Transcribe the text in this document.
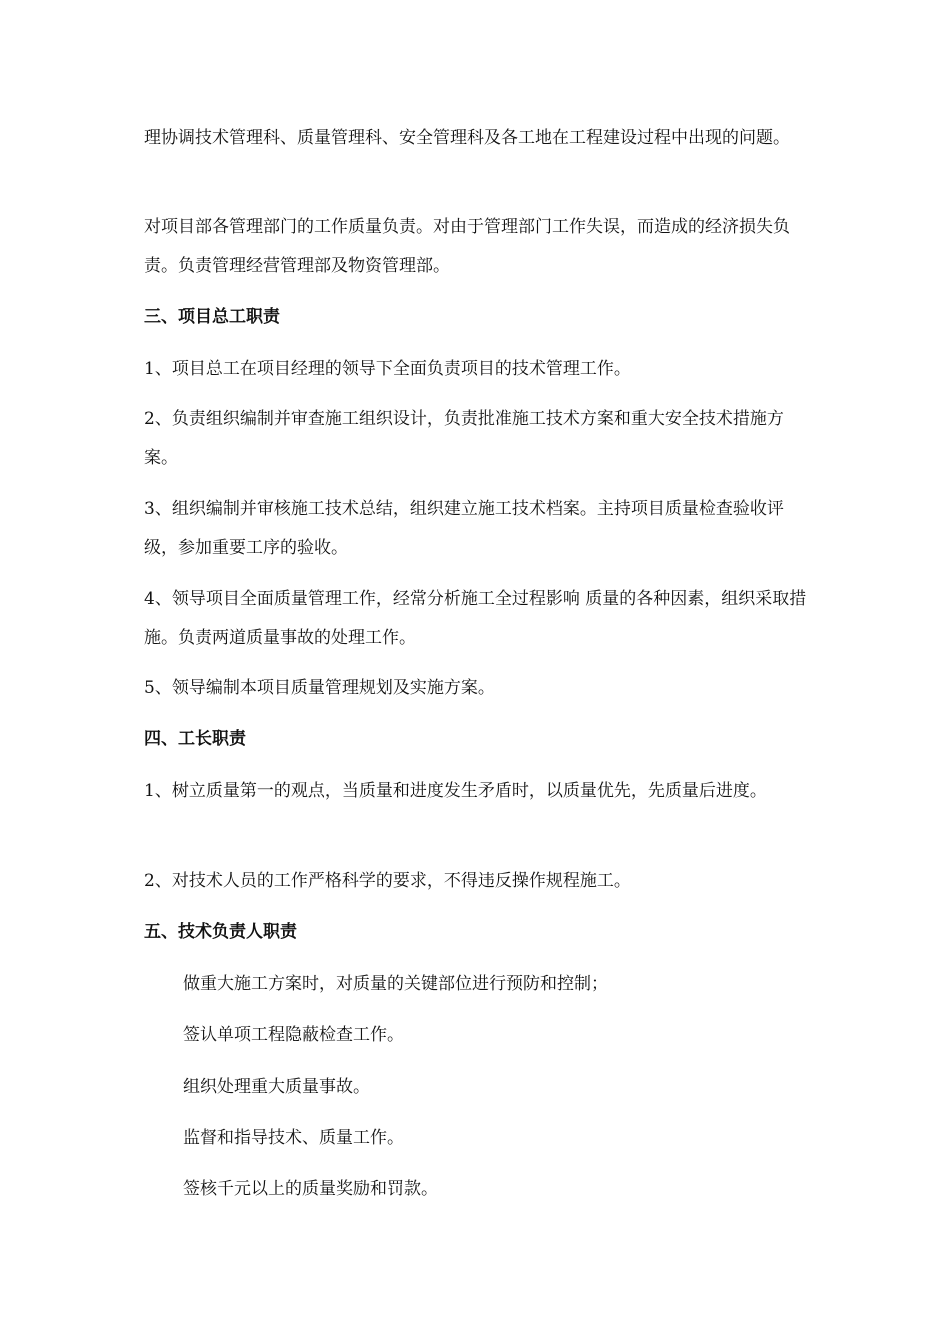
理协调技术管理科、质量管理科、安全管理科及各工地在工程建设过程中出现的问题。

对项目部各管理部门的工作质量负责。对由于管理部门工作失误，而造成的经济损失负责。负责管理经营管理部及物资管理部。

三、项目总工职责

1、项目总工在项目经理的领导下全面负责项目的技术管理工作。

2、负责组织编制并审查施工组织设计，负责批准施工技术方案和重大安全技术措施方案。

3、组织编制并审核施工技术总结，组织建立施工技术档案。主持项目质量检查验收评级，参加重要工序的验收。

4、领导项目全面质量管理工作，经常分析施工全过程影响 质量的各种因素，组织采取措施。负责两道质量事故的处理工作。

5、领导编制本项目质量管理规划及实施方案。

四、工长职责

1、树立质量第一的观点，当质量和进度发生矛盾时，以质量优先，先质量后进度。

2、对技术人员的工作严格科学的要求，不得违反操作规程施工。

五、技术负责人职责

做重大施工方案时，对质量的关键部位进行预防和控制；

签认单项工程隐蔽检查工作。

组织处理重大质量事故。

监督和指导技术、质量工作。

签核千元以上的质量奖励和罚款。
